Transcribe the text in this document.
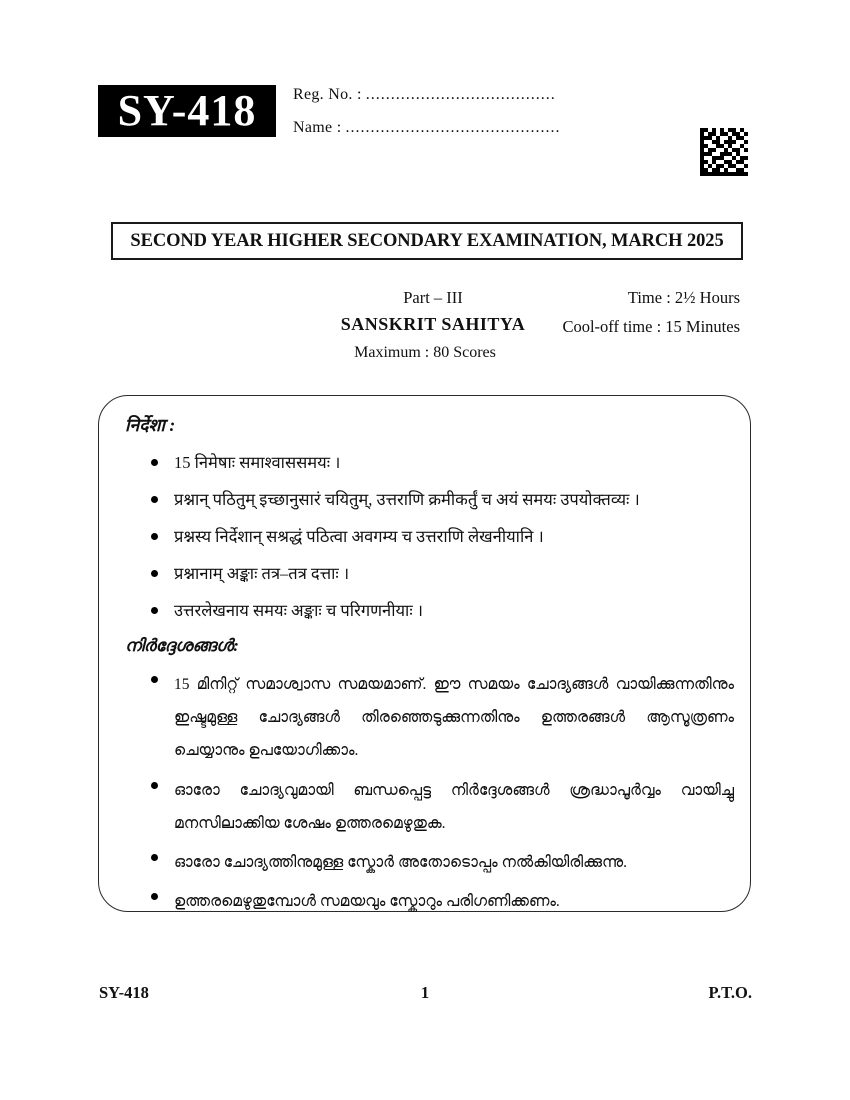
SY-418 Reg. No. : ......................................
Name : ...........................................
SECOND YEAR HIGHER SECONDARY EXAMINATION, MARCH 2025
Part – III	Time : 2½ Hours
SANSKRIT SAHITYA	Cool-off time : 15 Minutes
Maximum : 80 Scores
निर्देशा :
15 निमेषाः समाश्वाससमयः ।
प्रश्नान् पठितुम् इच्छानुसारं चयितुम्, उत्तराणि क्रमीकर्तुं च अयं समयः उपयोक्तव्यः ।
प्रश्नस्य निर्देशान् सश्रद्धं पठित्वा अवगम्य च उत्तराणि लेखनीयानि ।
प्रश्नानाम् अङ्काः तत्र–तत्र दत्ताः ।
उत्तरलेखनाय समयः अङ्काः च परिगणनीयाः ।
നിർദ്ദേശങ്ങൾ:
15 മിനിറ്റ് സമാശ്വാസ സമയമാണ്. ഈ സമയം ചോദ്യങ്ങൾ വായിക്കുന്നതിനും ഇഷ്ടമുള്ള ചോദ്യങ്ങൾ തിരഞ്ഞെടുക്കുന്നതിനും ഉത്തരങ്ങൾ ആസൂത്രണം ചെയ്യാനും ഉപയോഗിക്കാം.
ഓരോ ചോദ്യവുമായി ബന്ധപ്പെട്ട നിർദ്ദേശങ്ങൾ ശ്രദ്ധാപൂർവ്വം വായിച്ചു മനസിലാക്കിയ ശേഷം ഉത്തരമെഴുതുക.
ഓരോ ചോദ്യത്തിനുമുള്ള സ്കോർ അതോടൊപ്പം നൽകിയിരിക്കുന്നു.
ഉത്തരമെഴുതുമ്പോൾ സമയവും സ്കോറും പരിഗണിക്കണം.
SY-418	1	P.T.O.
